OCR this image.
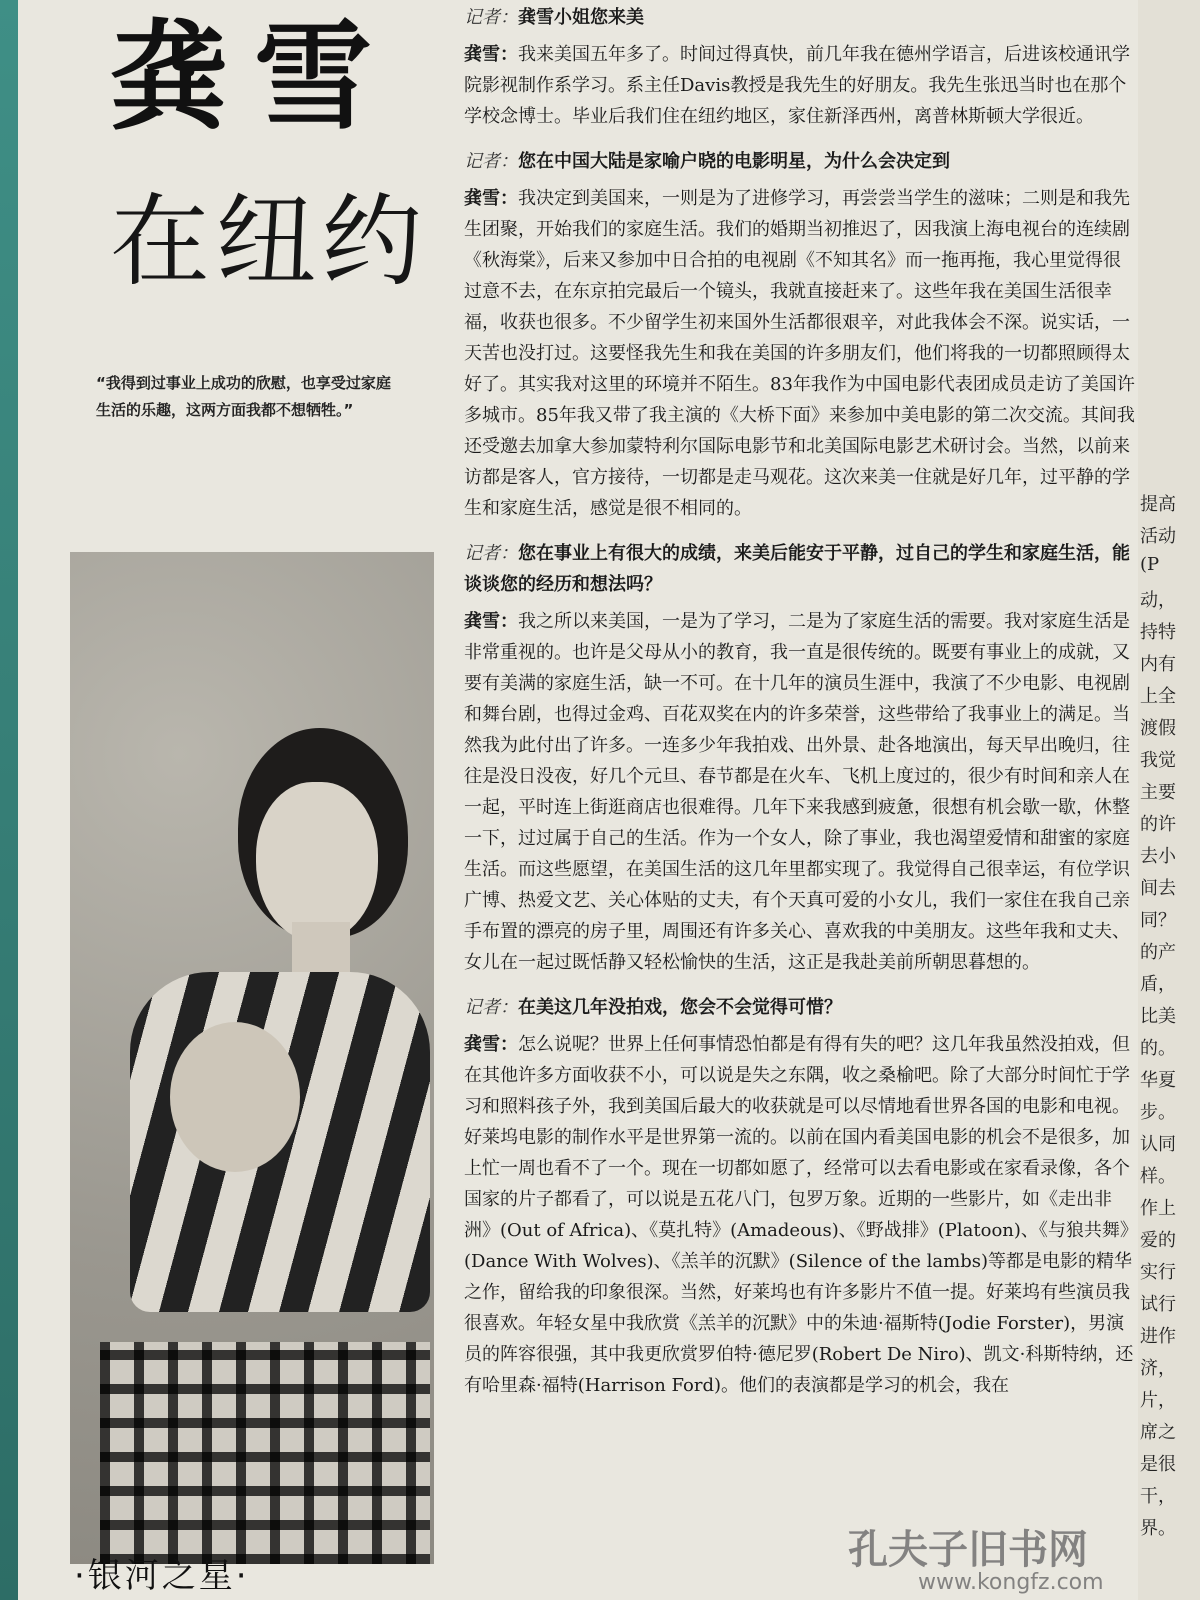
龚雪
在纽约
“我得到过事业上成功的欣慰，也享受过家庭生活的乐趣，这两方面我都不想牺牲。”
·银河之星·

记者：龚雪小姐您来美

龚雪：我来美国五年多了。时间过得真快，前几年我在德州学语言，后进该校通讯学院影视制作系学习。系主任Davis教授是我先生的好朋友。我先生张迅当时也在那个学校念博士。毕业后我们住在纽约地区，家住新泽西州，离普林斯顿大学很近。

记者：您在中国大陆是家喻户晓的电影明星，为什么会决定到

龚雪：我决定到美国来，一则是为了进修学习，再尝尝当学生的滋味；二则是和我先生团聚，开始我们的家庭生活。我们的婚期当初推迟了，因我演上海电视台的连续剧《秋海棠》，后来又参加中日合拍的电视剧《不知其名》而一拖再拖，我心里觉得很过意不去，在东京拍完最后一个镜头，我就直接赶来了。这些年我在美国生活很幸福，收获也很多。不少留学生初来国外生活都很艰辛，对此我体会不深。说实话，一天苦也没打过。这要怪我先生和我在美国的许多朋友们，他们将我的一切都照顾得太好了。其实我对这里的环境并不陌生。83年我作为中国电影代表团成员走访了美国许多城市。85年我又带了我主演的《大桥下面》来参加中美电影的第二次交流。其间我还受邀去加拿大参加蒙特利尔国际电影节和北美国际电影艺术研讨会。当然，以前来访都是客人，官方接待，一切都是走马观花。这次来美一住就是好几年，过平静的学生和家庭生活，感觉是很不相同的。

记者：您在事业上有很大的成绩，来美后能安于平静，过自己的学生和家庭生活，能谈谈您的经历和想法吗？

龚雪：我之所以来美国，一是为了学习，二是为了家庭生活的需要。我对家庭生活是非常重视的。也许是父母从小的教育，我一直是很传统的。既要有事业上的成就，又要有美满的家庭生活，缺一不可。在十几年的演员生涯中，我演了不少电影、电视剧和舞台剧，也得过金鸡、百花双奖在内的许多荣誉，这些带给了我事业上的满足。当然我为此付出了许多。一连多少年我拍戏、出外景、赴各地演出，每天早出晚归，往往是没日没夜，好几个元旦、春节都是在火车、飞机上度过的，很少有时间和亲人在一起，平时连上街逛商店也很难得。几年下来我感到疲惫，很想有机会歇一歇，休整一下，过过属于自己的生活。作为一个女人，除了事业，我也渴望爱情和甜蜜的家庭生活。而这些愿望，在美国生活的这几年里都实现了。我觉得自己很幸运，有位学识广博、热爱文艺、关心体贴的丈夫，有个天真可爱的小女儿，我们一家住在我自己亲手布置的漂亮的房子里，周围还有许多关心、喜欢我的中美朋友。这些年我和丈夫、女儿在一起过既恬静又轻松愉快的生活，这正是我赴美前所朝思暮想的。

记者：在美这几年没拍戏，您会不会觉得可惜？

龚雪：怎么说呢？世界上任何事情恐怕都是有得有失的吧？这几年我虽然没拍戏，但在其他许多方面收获不小，可以说是失之东隅，收之桑榆吧。除了大部分时间忙于学习和照料孩子外，我到美国后最大的收获就是可以尽情地看世界各国的电影和电视。好莱坞电影的制作水平是世界第一流的。以前在国内看美国电影的机会不是很多，加上忙一周也看不了一个。现在一切都如愿了，经常可以去看电影或在家看录像，各个国家的片子都看了，可以说是五花八门，包罗万象。近期的一些影片，如《走出非洲》(Out of Africa)、《莫扎特》(Amadeous)、《野战排》(Platoon)、《与狼共舞》(Dance With Wolves)、《羔羊的沉默》(Silence of the lambs)等都是电影的精华之作，留给我的印象很深。当然，好莱坞也有许多影片不值一提。好莱坞有些演员我很喜欢。年轻女星中我欣赏《羔羊的沉默》中的朱迪·福斯特(Jodie Forster)，男演员的阵容很强，其中我更欣赏罗伯特·德尼罗(Robert De Niro)、凯文·科斯特纳，还有哈里森·福特(Harrison Ford)。他们的表演都是学习的机会，我在

孔夫子旧书网
www.kongfz.com
提高
活动
(P
动，
持特
内有
上全
渡假
我觉
主要
的许
去小
间去
同？
的产
盾，
比美
的。
华夏
步。
认同
样。
作上
爱的
实行
试行
进作
济，
片，
席之
是很
干，
界。
